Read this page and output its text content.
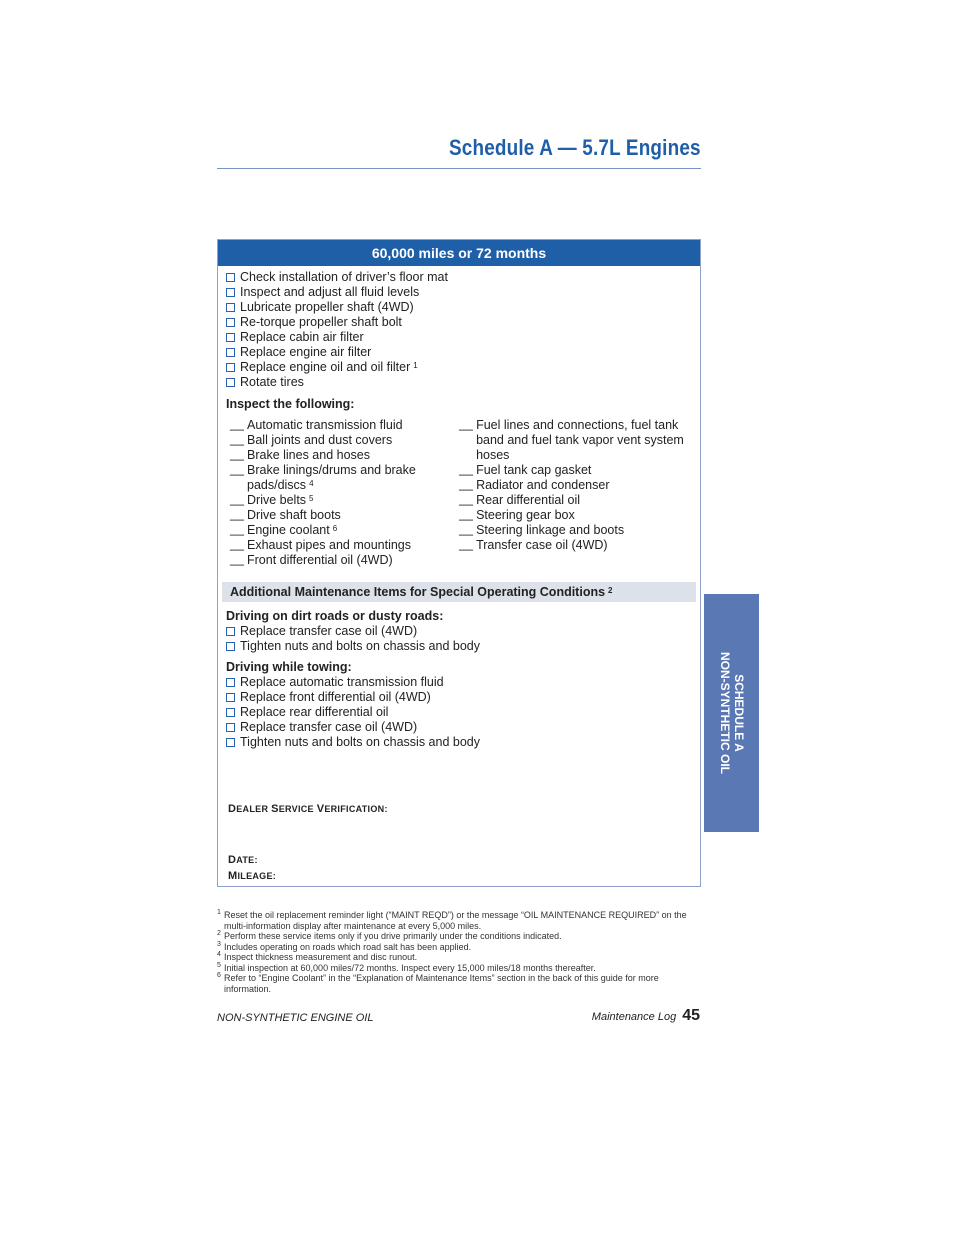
Schedule A — 5.7L Engines
SCHEDULE A
NON-SYNTHETIC OIL
60,000 miles or 72 months
Check installation of driver’s floor mat
Inspect and adjust all fluid levels
Lubricate propeller shaft (4WD)
Re-torque propeller shaft bolt
Replace cabin air filter
Replace engine air filter
Replace engine oil and oil filter 1
Rotate tires
Inspect the following:
__ Automatic transmission fluid
__ Ball joints and dust covers
__ Brake lines and hoses
__ Brake linings/drums and brake
pads/discs $^4$
__ Drive belts $^5$
__ Drive shaft boots
__ Engine coolant $^6$
__ Exhaust pipes and mountings
__ Front differential oil (4WD)
__ Fuel lines and connections, fuel tank
band and fuel tank vapor vent system
hoses
__ Fuel tank cap gasket
__ Radiator and condenser
__ Rear differential oil
__ Steering gear box
__ Steering linkage and boots
__ Transfer case oil (4WD)
Additional Maintenance Items for Special Operating Conditions $^2$
Driving on dirt roads or dusty roads:
Replace transfer case oil (4WD)
Tighten nuts and bolts on chassis and body
Driving while towing:
Replace automatic transmission fluid
Replace front differential oil (4WD)
Replace rear differential oil
Replace transfer case oil (4WD)
Tighten nuts and bolts on chassis and body
DEALER SERVICE VERIFICATION:
DATE:
MILEAGE:
1 Reset the oil replacement reminder light (“MAINT REQD”) or the message “OIL MAINTENANCE REQUIRED” on the multi-information display after maintenance at every 5,000 miles.
2 Perform these service items only if you drive primarily under the conditions indicated.
3 Includes operating on roads which road salt has been applied.
4 Inspect thickness measurement and disc runout.
5 Initial inspection at 60,000 miles/72 months. Inspect every 15,000 miles/18 months thereafter.
6 Refer to “Engine Coolant” in the “Explanation of Maintenance Items” section in the back of this guide for more information.
NON-SYNTHETIC ENGINE OIL	Maintenance Log 45
